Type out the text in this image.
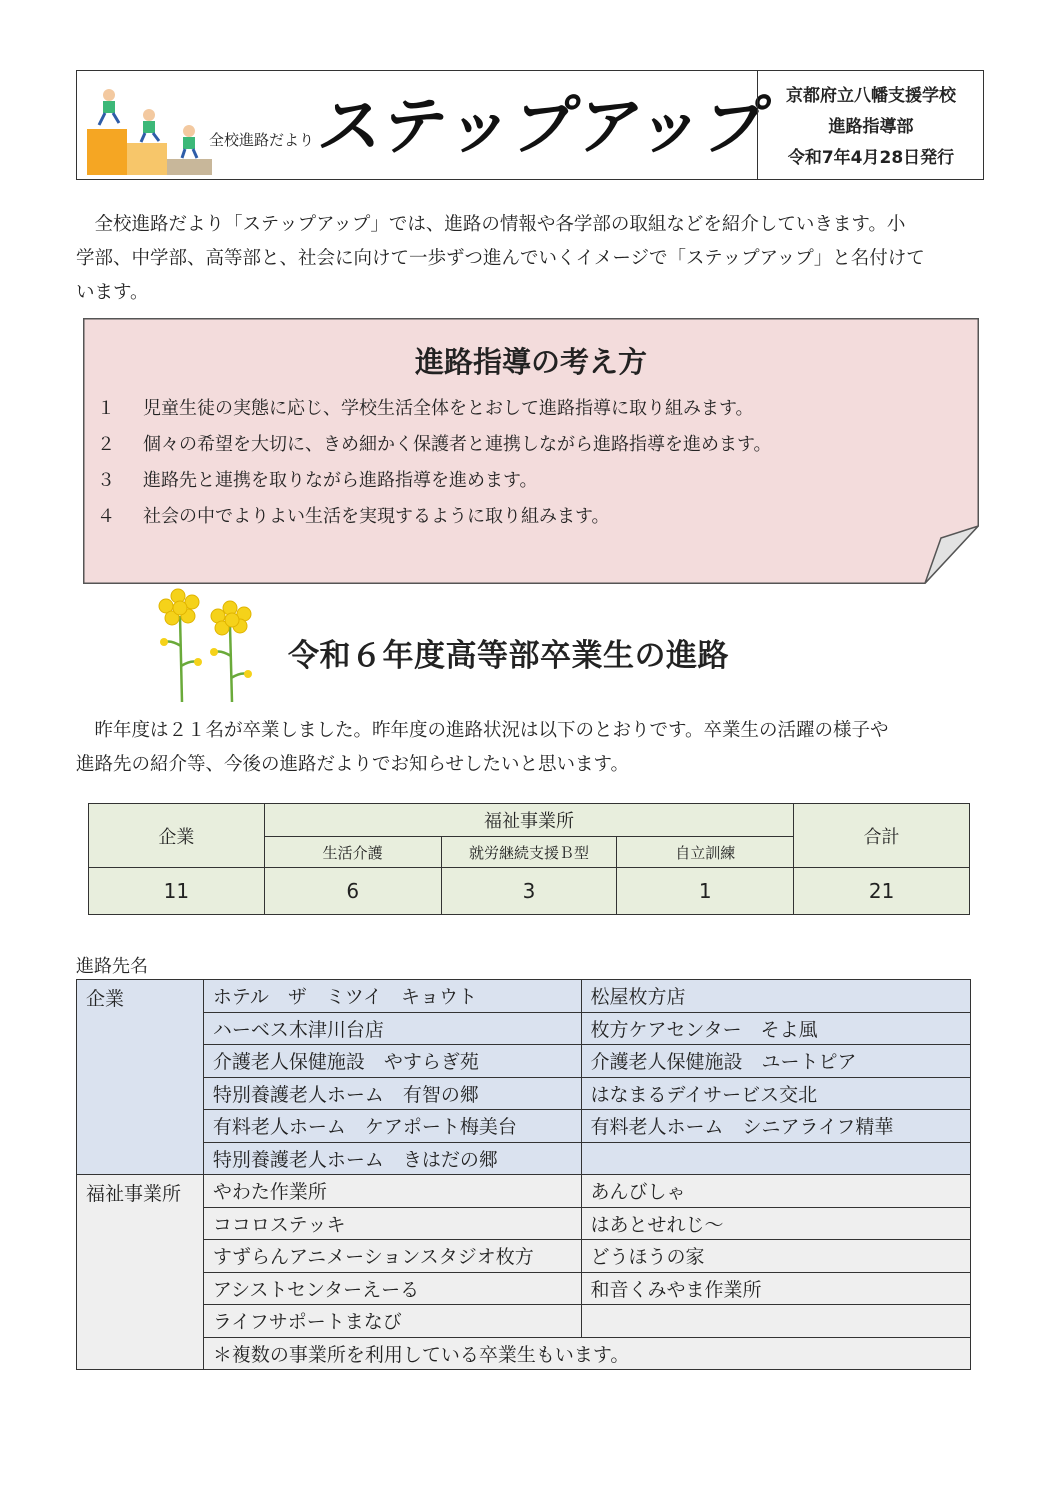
全校進路だより ステップアップ 京都府立八幡支援学校
進路指導部
令和7年4月28日発行
　全校進路だより「ステップアップ」では、進路の情報や各学部の取組などを紹介していきます。小
学部、中学部、高等部と、社会に向けて一歩ずつ進んでいくイメージで「ステップアップ」と名付けて
います。
進路指導の考え方
１ 児童生徒の実態に応じ、学校生活全体をとおして進路指導に取り組みます。
２ 個々の希望を大切に、きめ細かく保護者と連携しながら進路指導を進めます。
３ 進路先と連携を取りながら進路指導を進めます。
４ 社会の中でよりよい生活を実現するように取り組みます。
令和６年度高等部卒業生の進路
　昨年度は２１名が卒業しました。昨年度の進路状況は以下のとおりです。卒業生の活躍の様子や
進路先の紹介等、今後の進路だよりでお知らせしたいと思います。
企業	福祉事業所			合計
	生活介護	就労継続支援Ｂ型	自立訓練	
11	6	3	1	21
進路先名
企業	ホテル　ザ　ミツイ　キョウト	松屋枚方店
	ハーベス木津川台店	枚方ケアセンター　そよ風
	介護老人保健施設　やすらぎ苑	介護老人保健施設　ユートピア
	特別養護老人ホーム　有智の郷	はなまるデイサービス交北
	有料老人ホーム　ケアポート梅美台	有料老人ホーム　シニアライフ精華
	特別養護老人ホーム　きはだの郷	
福祉事業所	やわた作業所	あんびしゃ
	ココロステッキ	はあとせれじ～
	すずらんアニメーションスタジオ枚方	どうほうの家
	アシストセンターえーる	和音くみやま作業所
	ライフサポートまなび	
	＊複数の事業所を利用している卒業生もいます。	
